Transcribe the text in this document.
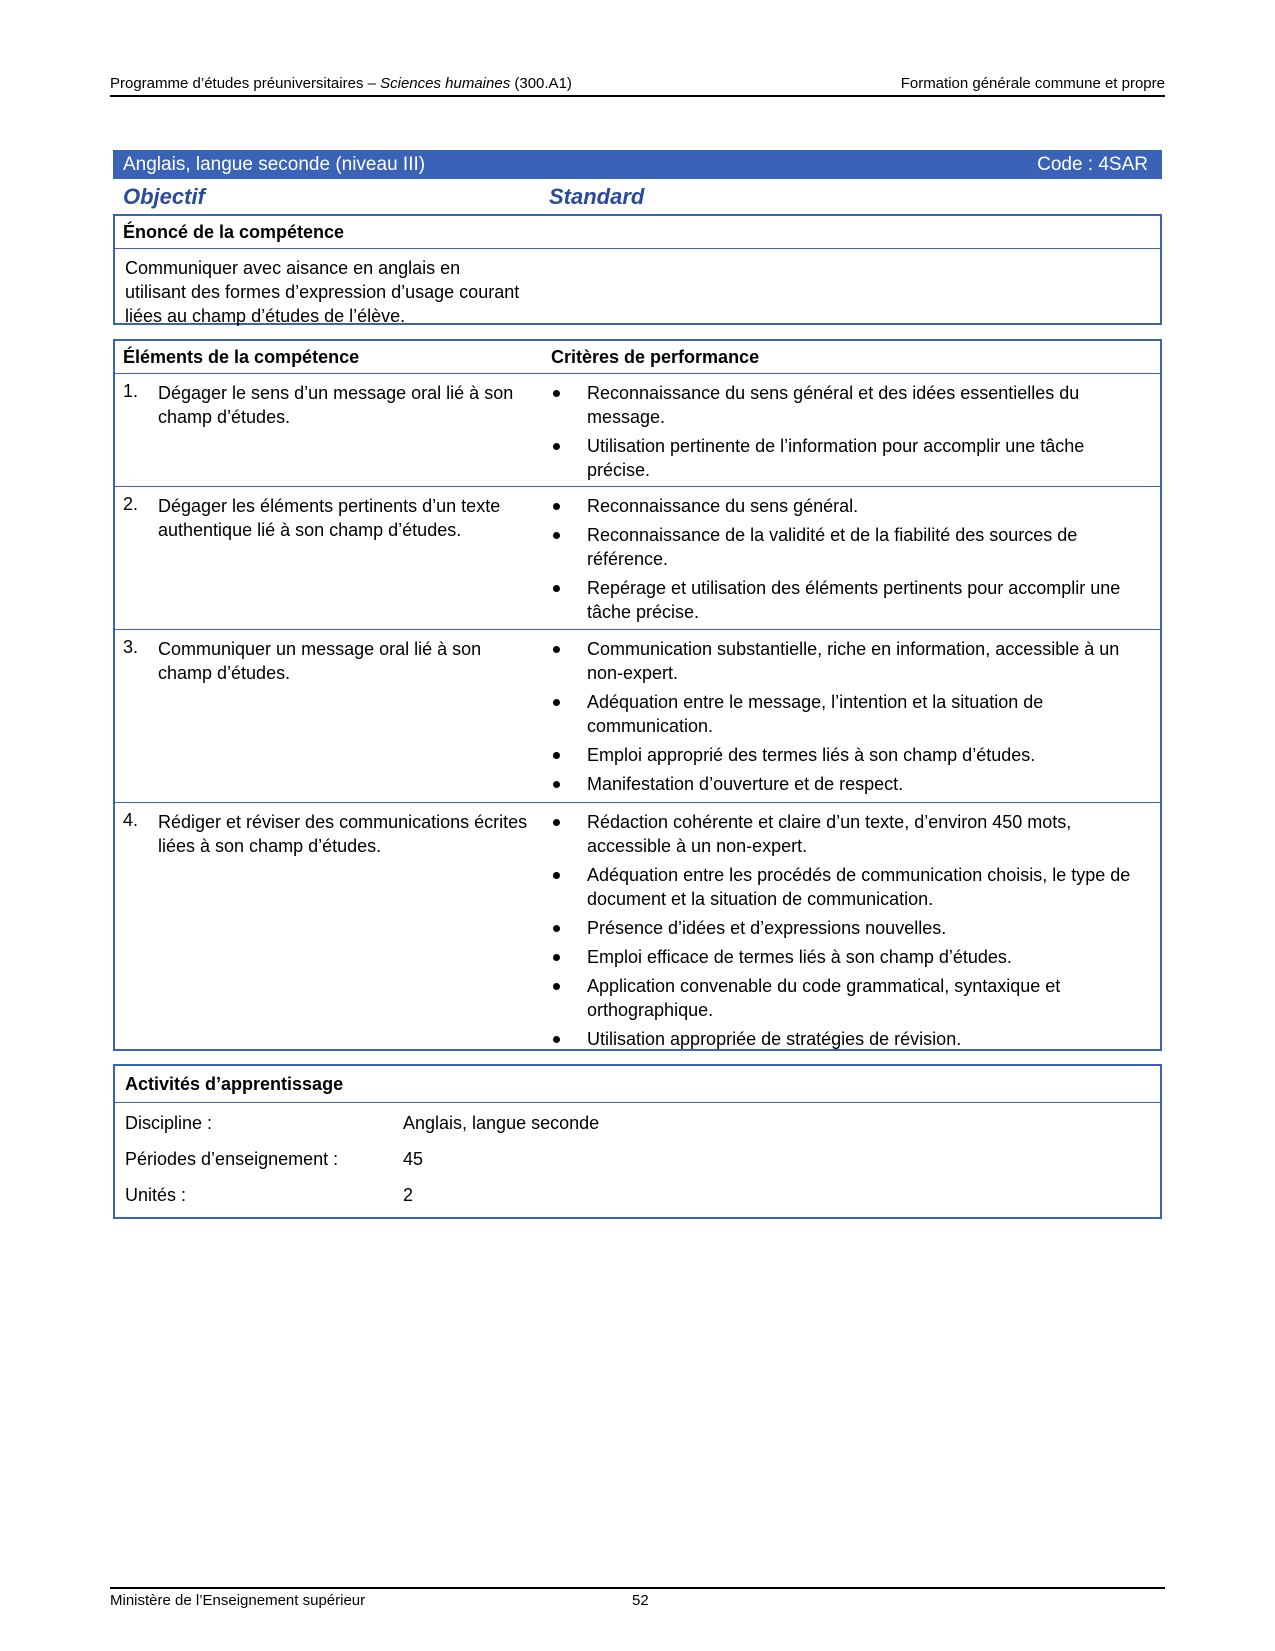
Programme d’études préuniversitaires – Sciences humaines (300.A1)	Formation générale commune et propre
Anglais, langue seconde (niveau III)	Code : 4SAR
Objectif	Standard
Énoncé de la compétence
Communiquer avec aisance en anglais en utilisant des formes d’expression d’usage courant liées au champ d’études de l’élève.
Éléments de la compétence	Critères de performance
1. Dégager le sens d’un message oral lié à son champ d’études.
Reconnaissance du sens général et des idées essentielles du message.
Utilisation pertinente de l’information pour accomplir une tâche précise.
2. Dégager les éléments pertinents d’un texte authentique lié à son champ d’études.
Reconnaissance du sens général.
Reconnaissance de la validité et de la fiabilité des sources de référence.
Repérage et utilisation des éléments pertinents pour accomplir une tâche précise.
3. Communiquer un message oral lié à son champ d’études.
Communication substantielle, riche en information, accessible à un non-expert.
Adéquation entre le message, l’intention et la situation de communication.
Emploi approprié des termes liés à son champ d’études.
Manifestation d’ouverture et de respect.
4. Rédiger et réviser des communications écrites liées à son champ d’études.
Rédaction cohérente et claire d’un texte, d’environ 450 mots, accessible à un non-expert.
Adéquation entre les procédés de communication choisis, le type de document et la situation de communication.
Présence d’idées et d’expressions nouvelles.
Emploi efficace de termes liés à son champ d’études.
Application convenable du code grammatical, syntaxique et orthographique.
Utilisation appropriée de stratégies de révision.
Activités d’apprentissage
Discipline :	Anglais, langue seconde
Périodes d’enseignement :	45
Unités :	2
Ministère de l’Enseignement supérieur	52
